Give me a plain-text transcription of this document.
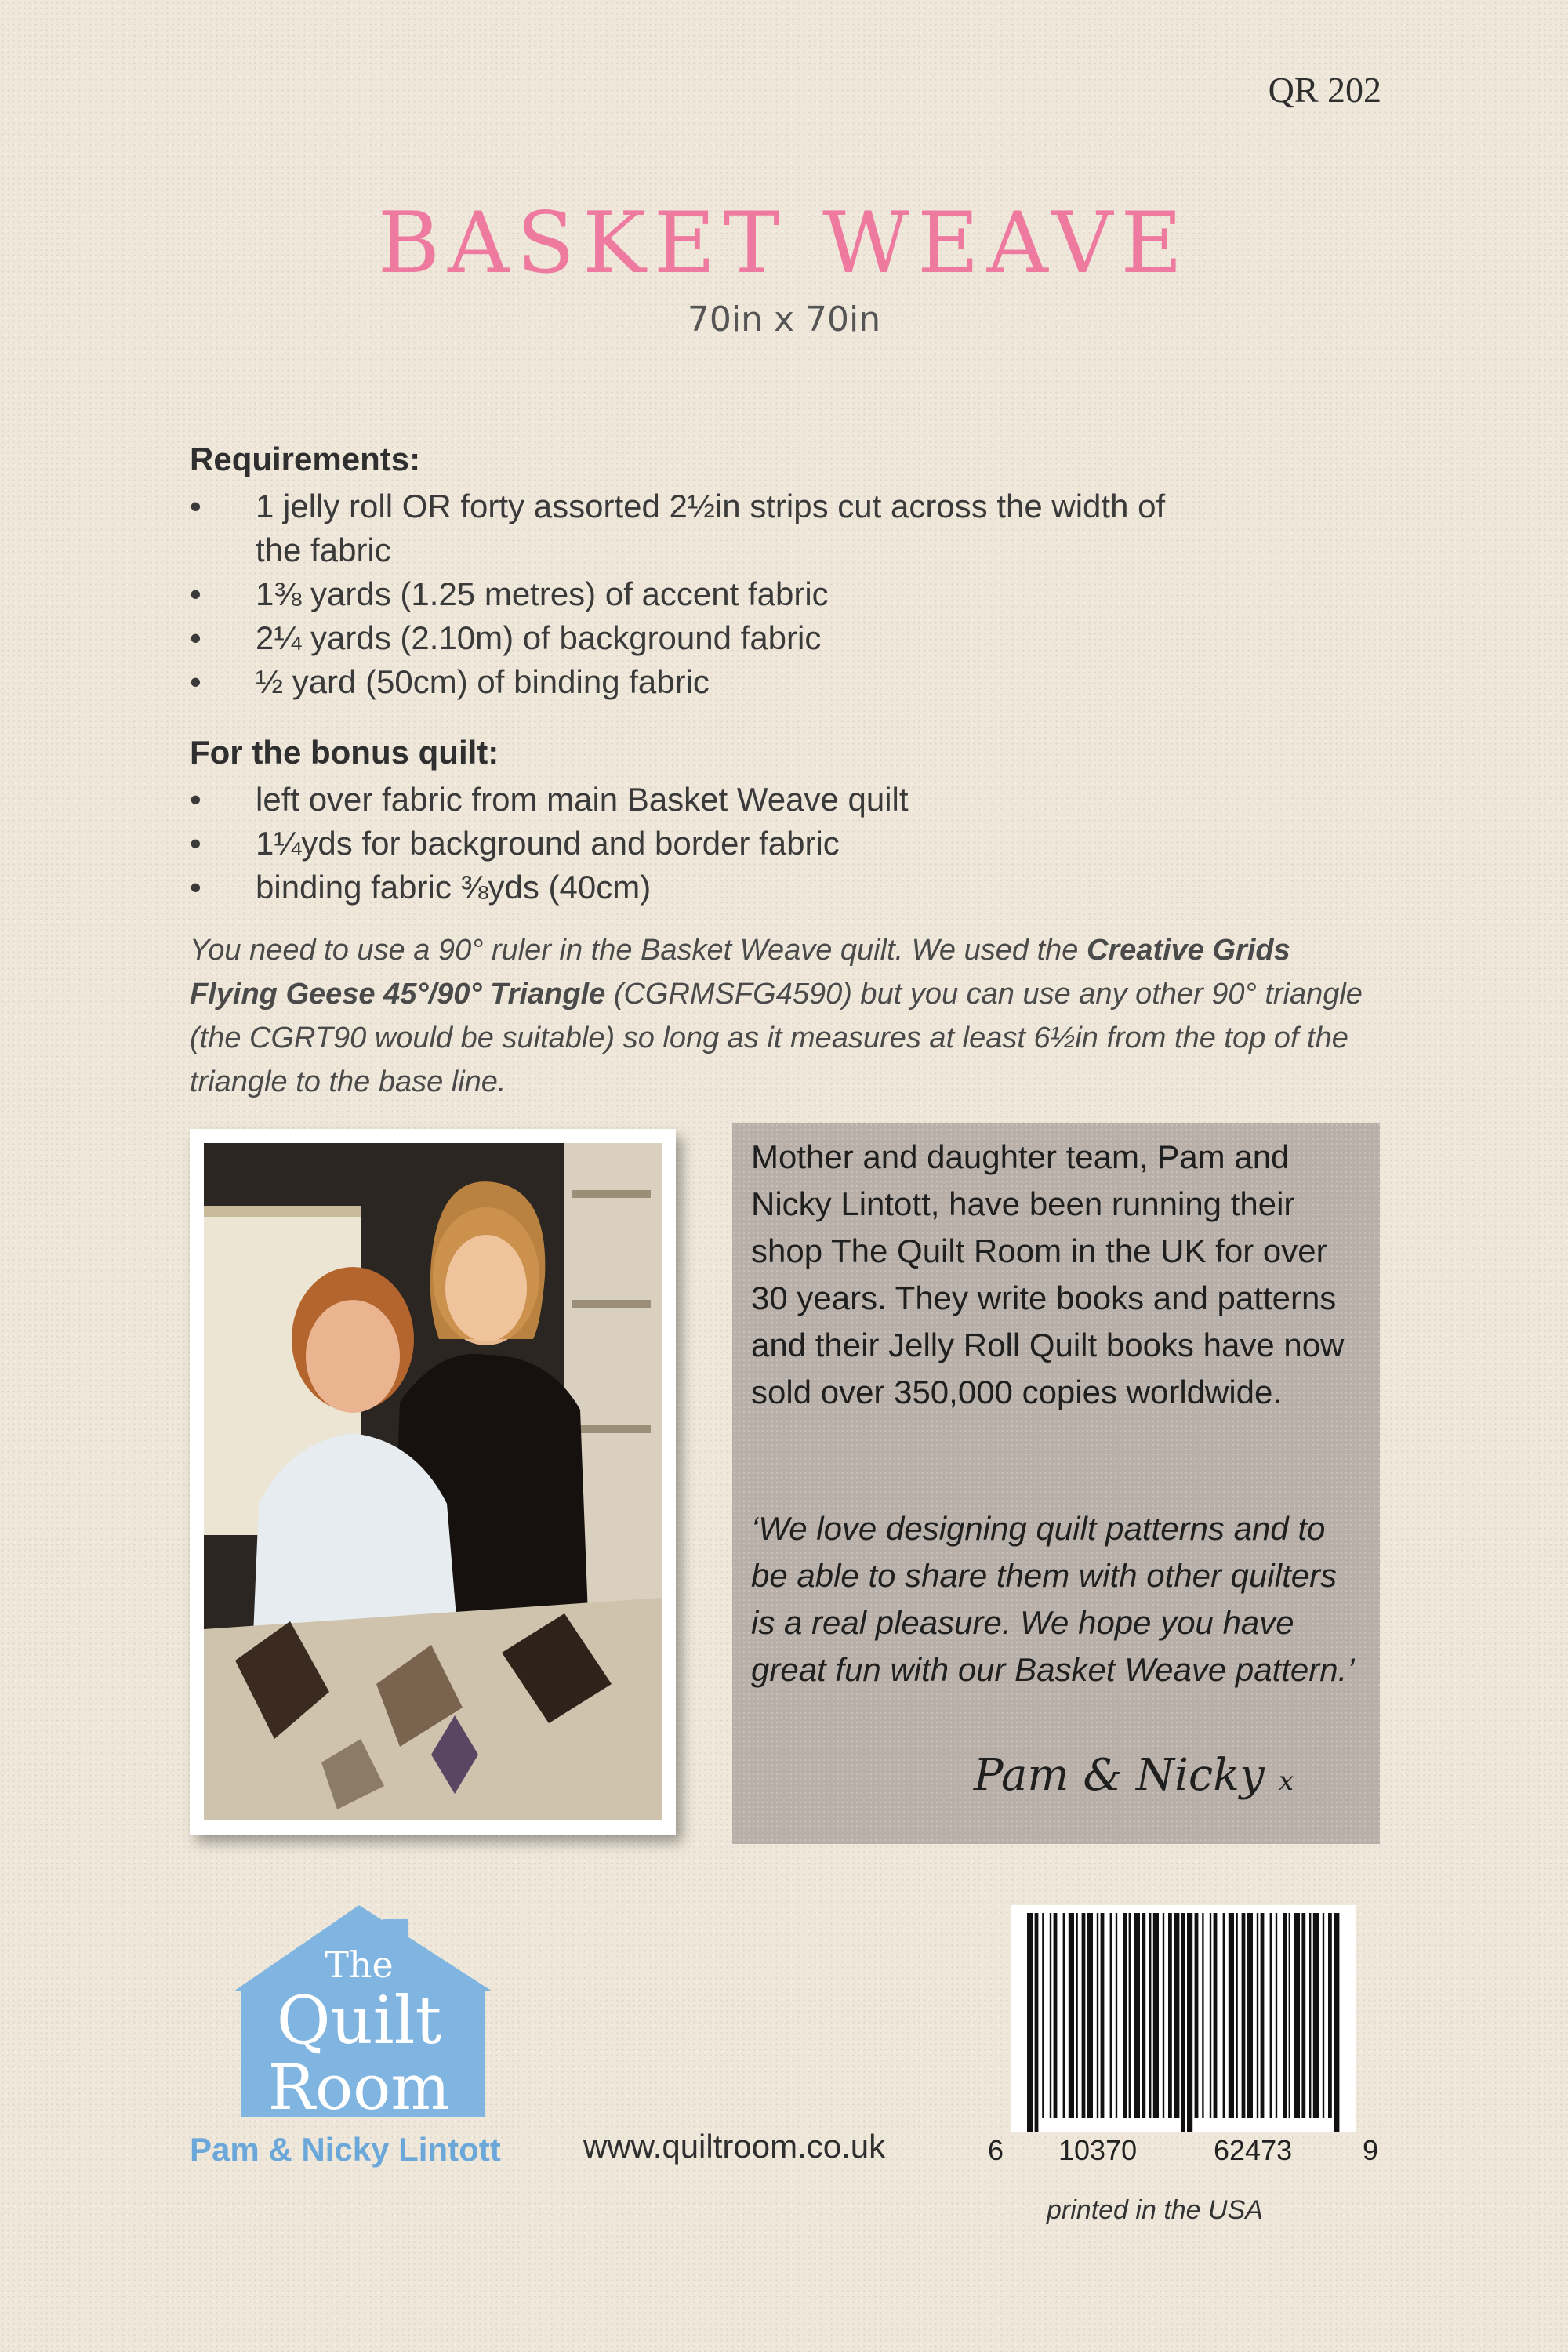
QR 202
BASKET WEAVE
70in x 70in
Requirements:
• 1 jelly roll OR forty assorted 2½in strips cut across the width of the fabric
• 1⅜ yards (1.25 metres) of accent fabric
• 2¼ yards (2.10m) of background fabric
• ½ yard (50cm) of binding fabric
For the bonus quilt:
• left over fabric from main Basket Weave quilt
• 1¼yds for background and border fabric
• binding fabric ⅜yds (40cm)
You need to use a 90° ruler in the Basket Weave quilt. We used the Creative Grids Flying Geese 45°/90° Triangle (CGRMSFG4590) but you can use any other 90° triangle (the CGRT90 would be suitable) so long as it measures at least 6½in from the top of the triangle to the base line.
Mother and daughter team, Pam and Nicky Lintott, have been running their shop The Quilt Room in the UK for over 30 years. They write books and patterns and their Jelly Roll Quilt books have now sold over 350,000 copies worldwide.
‘We love designing quilt patterns and to be able to share them with other quilters is a real pleasure. We hope you have great fun with our Basket Weave pattern.’
Pam & Nicky x
The
Quilt
Room
Pam & Nicky Lintott	www.quiltroom.co.uk	6 10370	62473 9
printed in the USA
